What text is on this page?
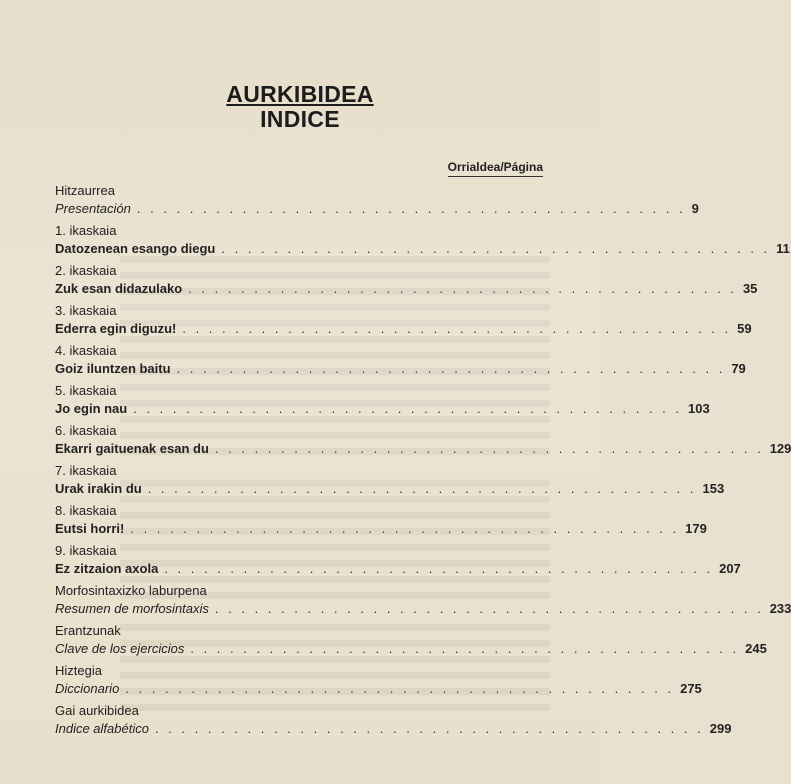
AURKIBIDEA
INDICE
Orrialdea/Página
Hitzaurrea
Presentación . . . . . . . . . . . . . . . . . . . . . . . . . . . . . . . . . . . . . . . . . . 9
1. ikaskaia
Datozenean esango diegu . . . . . . . . . . . . . . . . . . . . . . . . . . . . . . . . . . . . . . . . . . 11
2. ikaskaia
Zuk esan didazulako . . . . . . . . . . . . . . . . . . . . . . . . . . . . . . . . . . . . . . . . . . 35
3. ikaskaia
Ederra egin diguzu! . . . . . . . . . . . . . . . . . . . . . . . . . . . . . . . . . . . . . . . . . . 59
4. ikaskaia
Goiz iluntzen baitu . . . . . . . . . . . . . . . . . . . . . . . . . . . . . . . . . . . . . . . . . . 79
5. ikaskaia
Jo egin nau . . . . . . . . . . . . . . . . . . . . . . . . . . . . . . . . . . . . . . . . . . 103
6. ikaskaia
Ekarri gaituenak esan du . . . . . . . . . . . . . . . . . . . . . . . . . . . . . . . . . . . . . . . . . . 129
7. ikaskaia
Urak irakin du . . . . . . . . . . . . . . . . . . . . . . . . . . . . . . . . . . . . . . . . . . 153
8. ikaskaia
Eutsi horri! . . . . . . . . . . . . . . . . . . . . . . . . . . . . . . . . . . . . . . . . . . 179
9. ikaskaia
Ez zitzaion axola . . . . . . . . . . . . . . . . . . . . . . . . . . . . . . . . . . . . . . . . . . 207
Morfosintaxizko laburpena
Resumen de morfosintaxis . . . . . . . . . . . . . . . . . . . . . . . . . . . . . . . . . . . . . . . . . . 233
Erantzunak
Clave de los ejercicios . . . . . . . . . . . . . . . . . . . . . . . . . . . . . . . . . . . . . . . . . . 245
Hiztegia
Diccionario . . . . . . . . . . . . . . . . . . . . . . . . . . . . . . . . . . . . . . . . . . 275
Gai aurkibidea
Indice alfabético . . . . . . . . . . . . . . . . . . . . . . . . . . . . . . . . . . . . . . . . . . 299
